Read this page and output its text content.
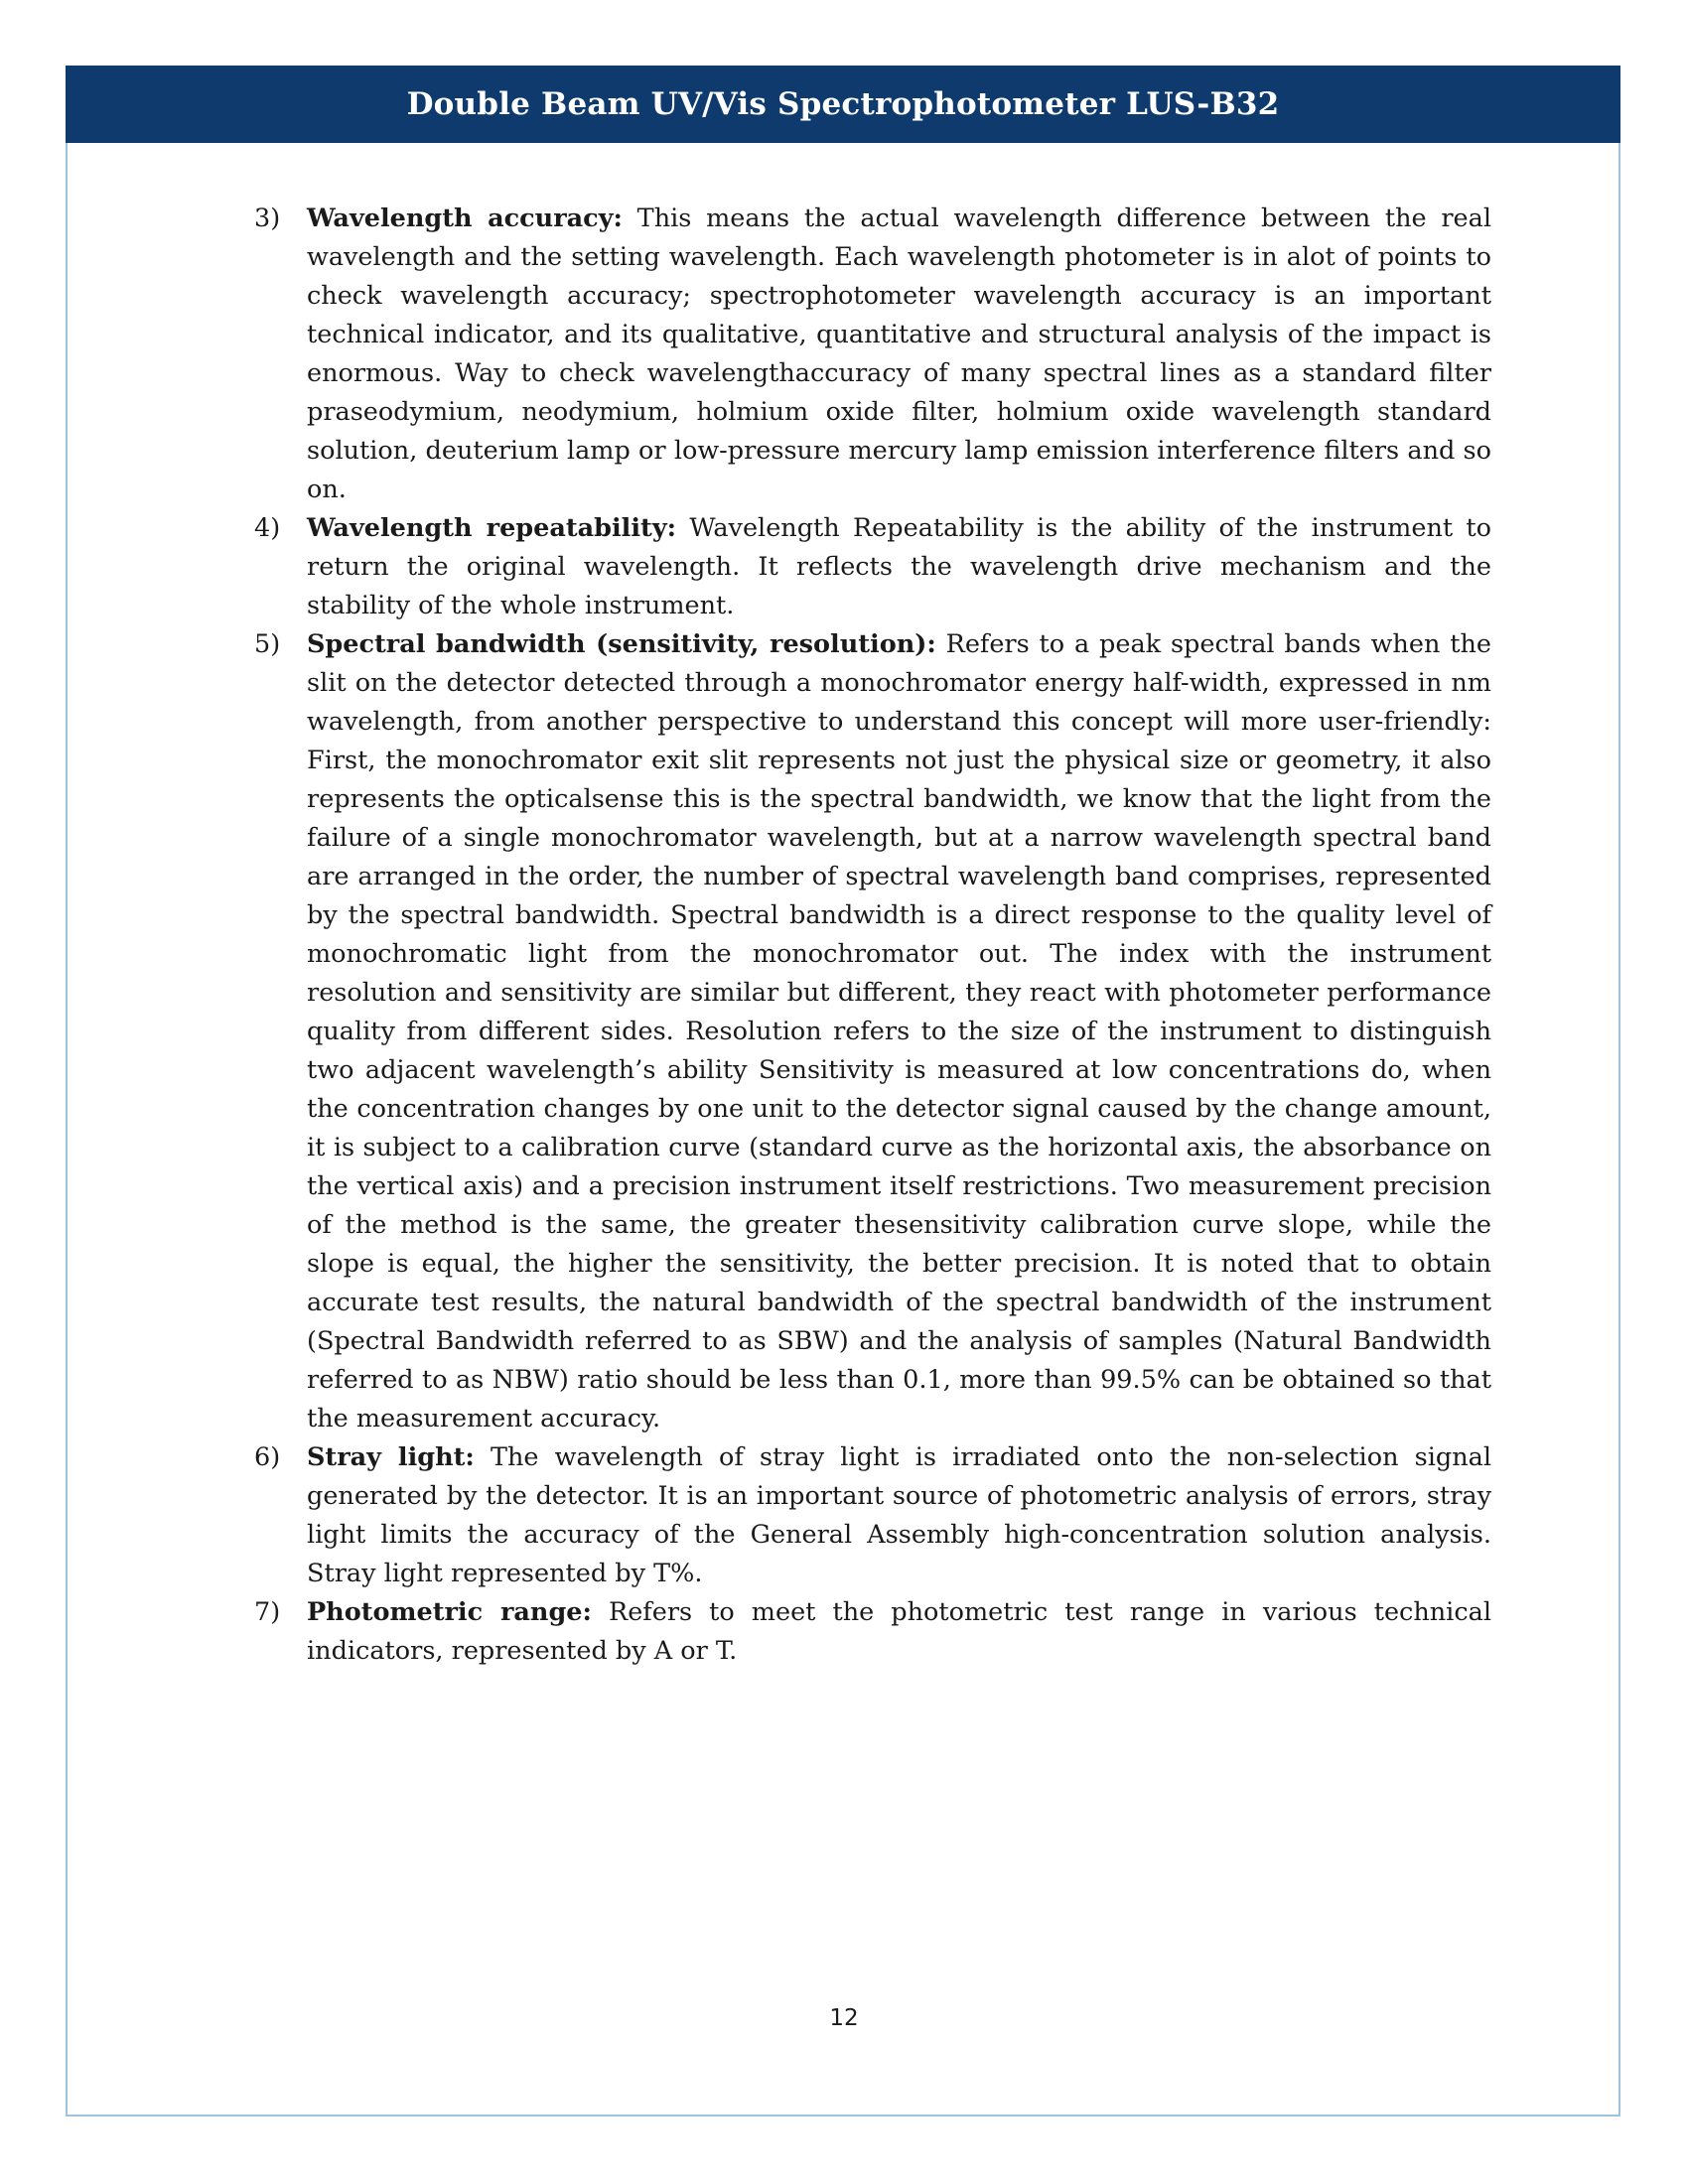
Double Beam UV/Vis Spectrophotometer LUS-B32
3)	Wavelength accuracy: This means the actual wavelength difference between the real wavelength and the setting wavelength. Each wavelength photometer is in alot of points to check wavelength accuracy; spectrophotometer wavelength accuracy is an important technical indicator, and its qualitative, quantitative and structural analysis of the impact is enormous. Way to check wavelengthaccuracy of many spectral lines as a standard filter praseodymium, neodymium, holmium oxide filter, holmium oxide wavelength standard solution, deuterium lamp or low-pressure mercury lamp emission interference filters and so on.

4)	Wavelength repeatability: Wavelength Repeatability is the ability of the instrument to return the original wavelength. It reflects the wavelength drive mechanism and the stability of the whole instrument.

5)	Spectral bandwidth (sensitivity, resolution): Refers to a peak spectral bands when the slit on the detector detected through a monochromator energy half-width, expressed in nm wavelength, from another perspective to understand this concept will more user-friendly: First, the monochromator exit slit represents not just the physical size or geometry, it also represents the opticalsense this is the spectral bandwidth, we know that the light from the failure of a single monochromator wavelength, but at a narrow wavelength spectral band are arranged in the order, the number of spectral wavelength band comprises, represented by the spectral bandwidth. Spectral bandwidth is a direct response to the quality level of monochromatic light from the monochromator out. The index with the instrument resolution and sensitivity are similar but different, they react with photometer performance quality from different sides. Resolution refers to the size of the instrument to distinguish two adjacent wavelength’s ability Sensitivity is measured at low concentrations do, when the concentration changes by one unit to the detector signal caused by the change amount, it is subject to a calibration curve (standard curve as the horizontal axis, the absorbance on the vertical axis) and a precision instrument itself restrictions. Two measurement precision of the method is the same, the greater thesensitivity calibration curve slope, while the slope is equal, the higher the sensitivity, the better precision. It is noted that to obtain accurate test results, the natural bandwidth of the spectral bandwidth of the instrument (Spectral Bandwidth referred to as SBW) and the analysis of samples (Natural Bandwidth referred to as NBW) ratio should be less than 0.1, more than 99.5% can be obtained so that the measurement accuracy.

6)	Stray light: The wavelength of stray light is irradiated onto the non-selection signal generated by the detector. It is an important source of photometric analysis of errors, stray light limits the accuracy of the General Assembly high-concentration solution analysis. Stray light represented by T%.

7)	Photometric range: Refers to meet the photometric test range in various technical indicators, represented by A or T.

12
